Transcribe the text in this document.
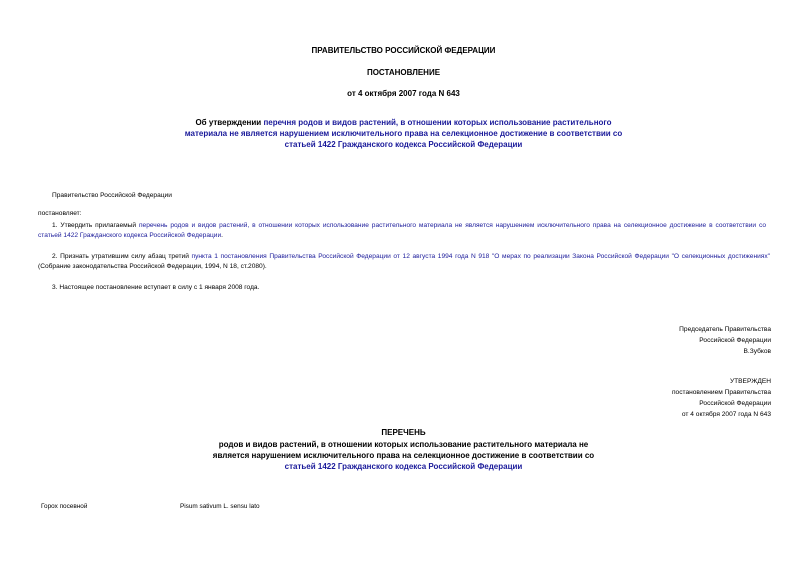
ПРАВИТЕЛЬСТВО РОССИЙСКОЙ ФЕДЕРАЦИИ
ПОСТАНОВЛЕНИЕ
от 4 октября 2007 года N 643
Об утверждении перечня родов и видов растений, в отношении которых использование растительного материала не является нарушением исключительного права на селекционное достижение в соответствии со статьей 1422 Гражданского кодекса Российской Федерации
Правительство Российской Федерации
постановляет:
1. Утвердить прилагаемый перечень родов и видов растений, в отношении которых использование растительного материала не является нарушением исключительного права на селекционное достижение в соответствии со статьей 1422 Гражданского кодекса Российской Федерации.
2. Признать утратившим силу абзац третий пункта 1 постановления Правительства Российской Федерации от 12 августа 1994 года N 918 "О мерах по реализации Закона Российской Федерации "О селекционных достижениях" (Собрание законодательства Российской Федерации, 1994, N 18, ст.2080).
3. Настоящее постановление вступает в силу с 1 января 2008 года.
Председатель Правительства
Российской Федерации
В.Зубков
УТВЕРЖДЕН
постановлением Правительства
Российской Федерации
от 4 октября 2007 года N 643
ПЕРЕЧЕНЬ
родов и видов растений, в отношении которых использование растительного материала не является нарушением исключительного права на селекционное достижение в соответствии со статьей 1422 Гражданского кодекса Российской Федерации
Горох посевной	Pisum sativum L. sensu lato
